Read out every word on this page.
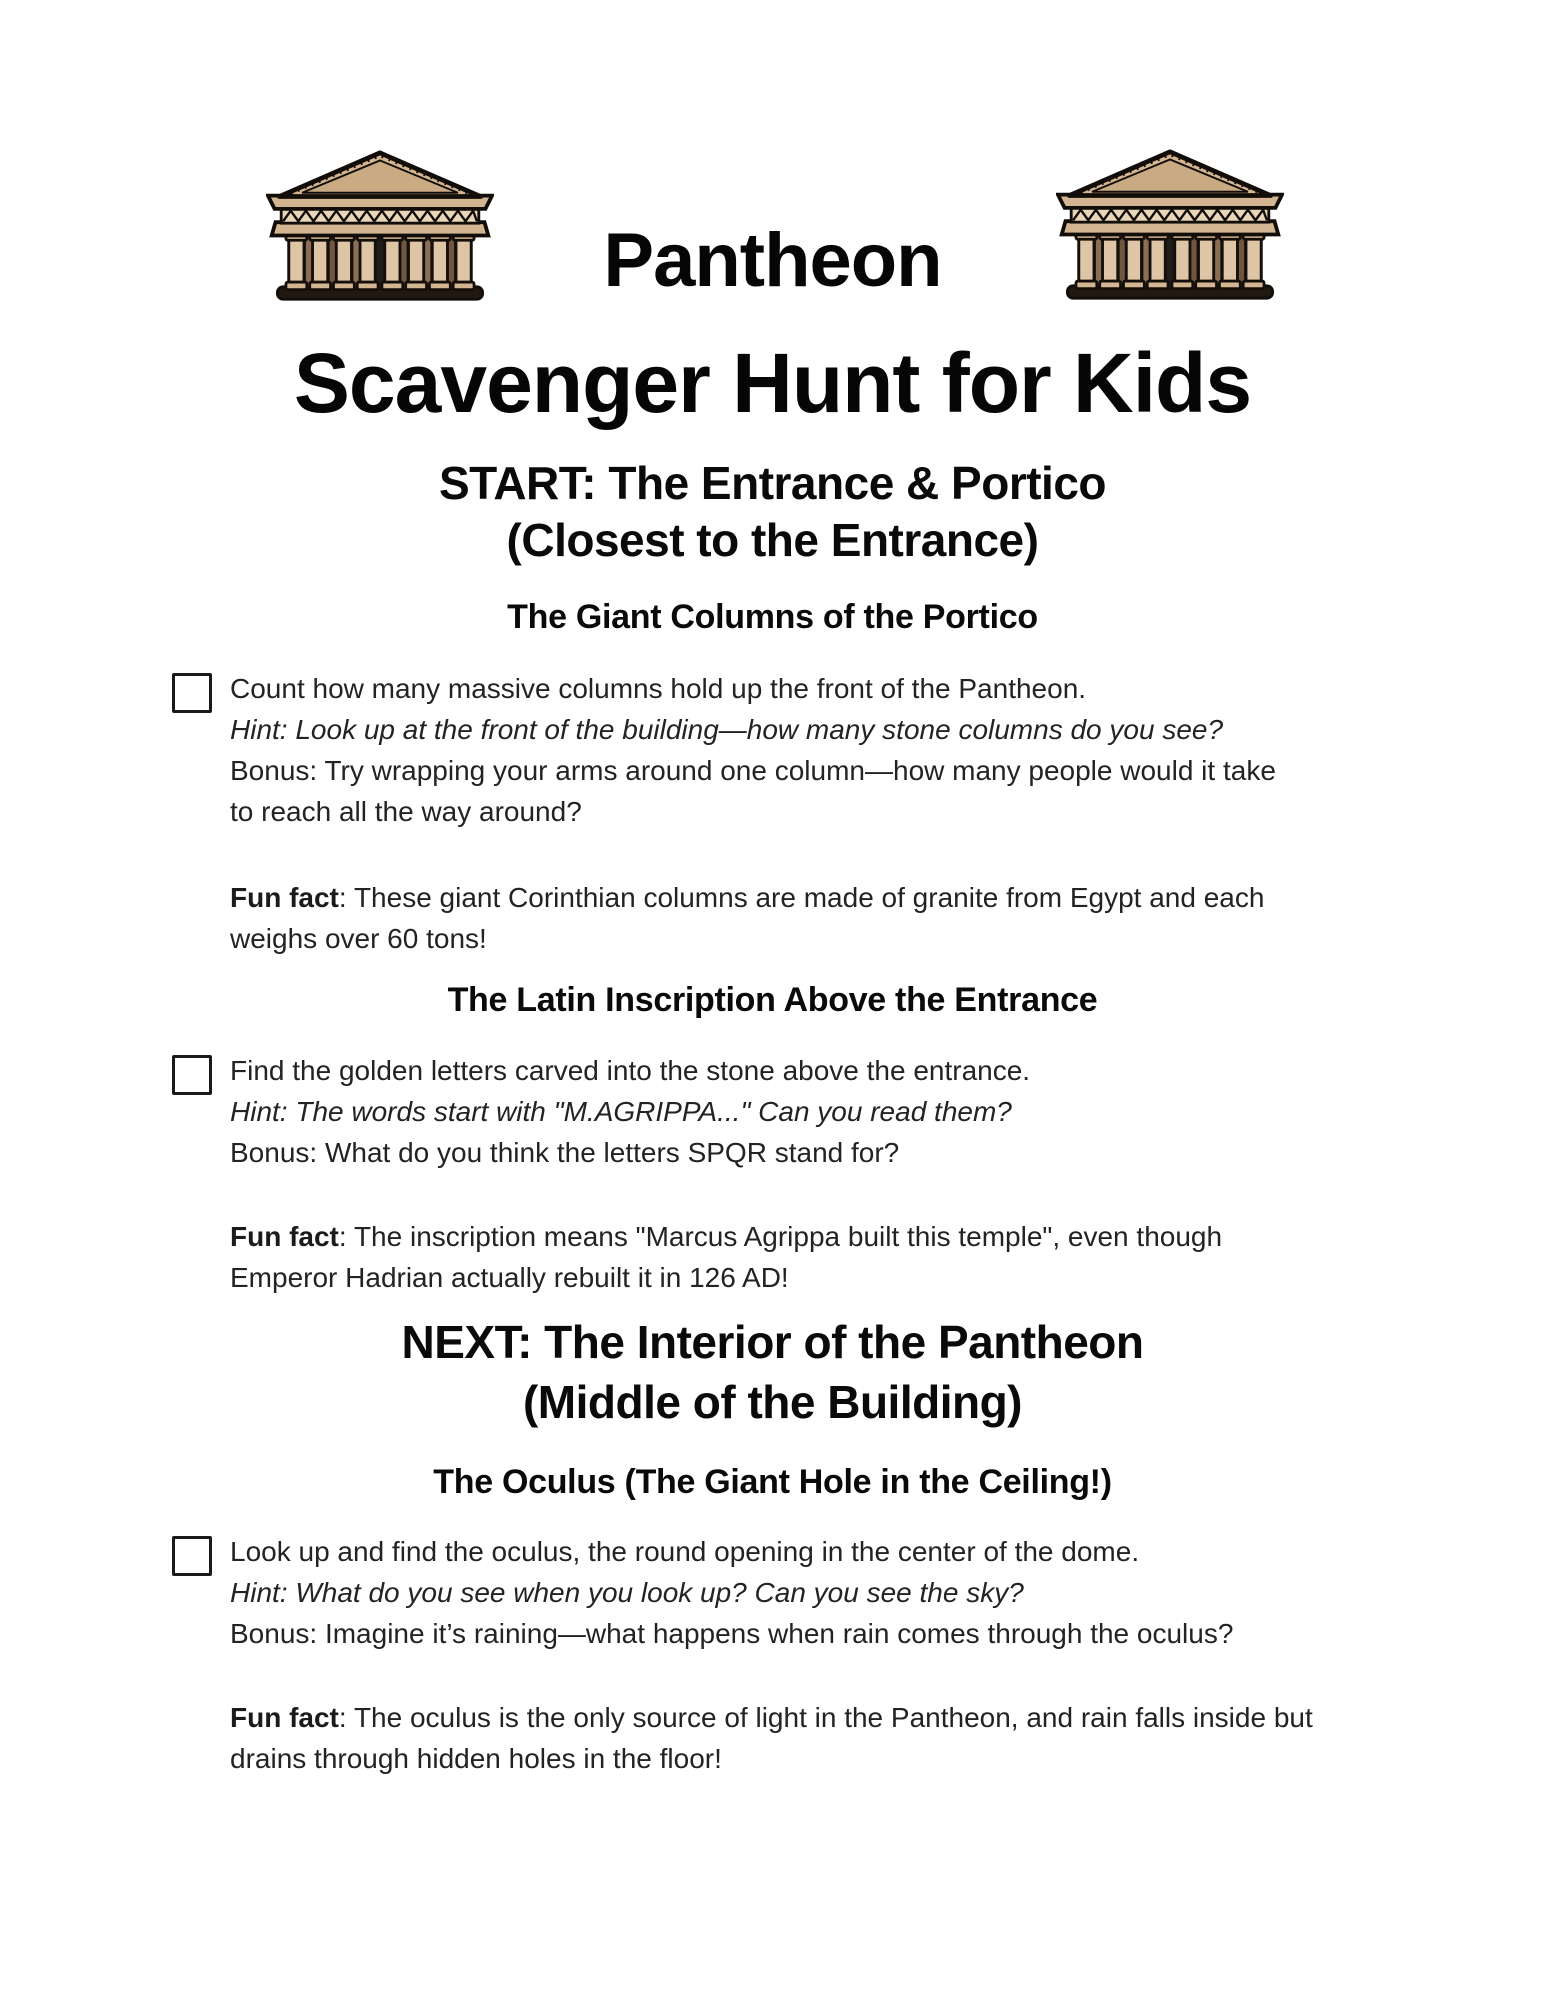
Pantheon
Scavenger Hunt for Kids
START: The Entrance & Portico
(Closest to the Entrance)
The Giant Columns of the Portico
Count how many massive columns hold up the front of the Pantheon.
Hint: Look up at the front of the building—how many stone columns do you see?
Bonus: Try wrapping your arms around one column—how many people would it take
to reach all the way around?
Fun fact: These giant Corinthian columns are made of granite from Egypt and each
weighs over 60 tons!
The Latin Inscription Above the Entrance
Find the golden letters carved into the stone above the entrance.
Hint: The words start with "M.AGRIPPA..." Can you read them?
Bonus: What do you think the letters SPQR stand for?
Fun fact: The inscription means "Marcus Agrippa built this temple", even though
Emperor Hadrian actually rebuilt it in 126 AD!
NEXT: The Interior of the Pantheon
(Middle of the Building)
The Oculus (The Giant Hole in the Ceiling!)
Look up and find the oculus, the round opening in the center of the dome.
Hint: What do you see when you look up? Can you see the sky?
Bonus: Imagine it’s raining—what happens when rain comes through the oculus?
Fun fact: The oculus is the only source of light in the Pantheon, and rain falls inside but
drains through hidden holes in the floor!
